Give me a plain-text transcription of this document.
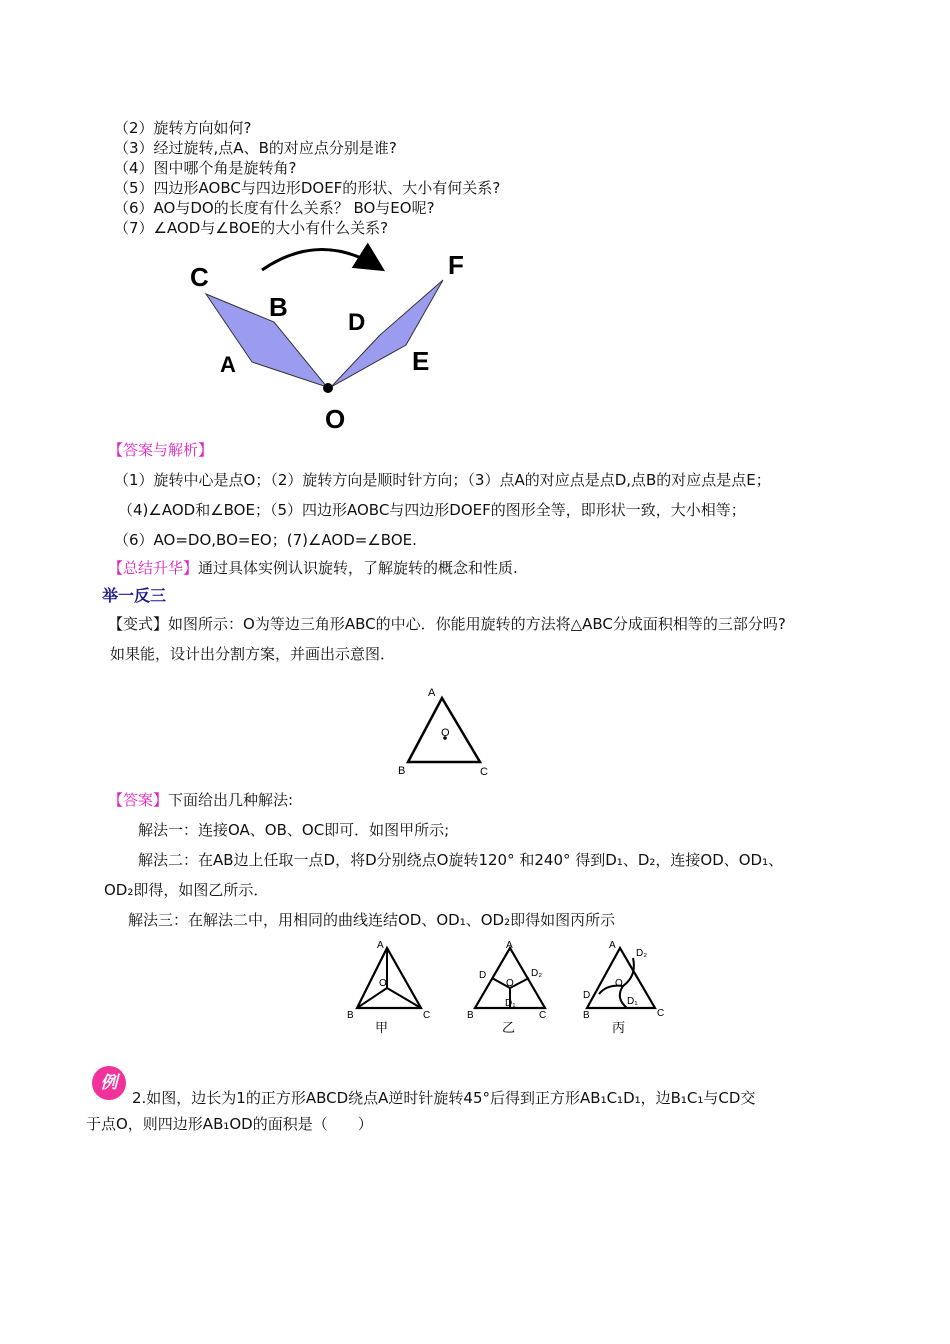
（2）旋转方向如何?
（3）经过旋转,点A、B的对应点分别是谁?
（4）图中哪个角是旋转角?
（5）四边形AOBC与四边形DOEF的形状、大小有何关系?
（6）AO与DO的长度有什么关系？ BO与EO呢?
（7）∠AOD与∠BOE的大小有什么关系?
C
B
A
D
F
E
O
【答案与解析】
（1）旋转中心是点O；（2）旋转方向是顺时针方向；（3）点A的对应点是点D,点B的对应点是点E；
（4)∠AOD和∠BOE；（5）四边形AOBC与四边形DOEF的图形全等，即形状一致，大小相等；
（6）AO=DO,BO=EO；(7)∠AOD=∠BOE.
【总结升华】通过具体实例认识旋转，了解旋转的概念和性质.
举一反三
【变式】如图所示：O为等边三角形ABC的中心．你能用旋转的方法将△ABC分成面积相等的三部分吗?
如果能，设计出分割方案，并画出示意图．
A
O
B	C
【答案】下面给出几种解法:
解法一：连接OA、OB、OC即可．如图甲所示;
解法二：在AB边上任取一点D，将D分别绕点O旋转120° 和240° 得到D₁、D₂，连接OD、OD₁、
OD₂即得，如图乙所示．
解法三：在解法二中，用相同的曲线连结OD、OD₁、OD₂即得如图丙所示
A
O
B	C
甲
A
D	D₂
O
D₁
B	C
乙
A
D₂
O
D
D₁
B	C
丙
例
2.如图，边长为1的正方形ABCD绕点A逆时针旋转45°后得到正方形AB₁C₁D₁，边B₁C₁与CD交
于点O，则四边形AB₁OD的面积是（　　）
